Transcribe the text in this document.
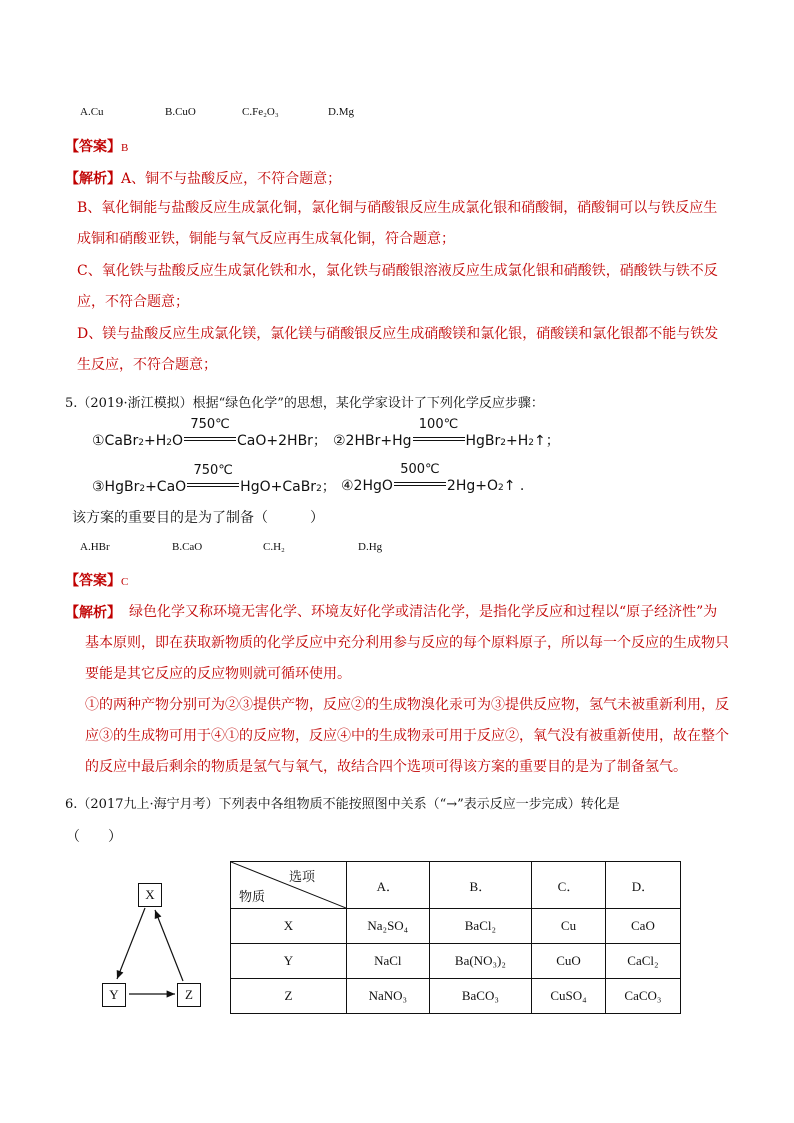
A.Cu	B.CuO	C.Fe₂O₃	D.Mg
【答案】B
【解析】A、铜不与盐酸反应，不符合题意；
B、氧化铜能与盐酸反应生成氯化铜，氯化铜与硝酸银反应生成氯化银和硝酸铜，硝酸铜可以与铁反应生成铜和硝酸亚铁，铜能与氧气反应再生成氧化铜，符合题意；
C、氧化铁与盐酸反应生成氯化铁和水，氯化铁与硝酸银溶液反应生成氯化银和硝酸铁，硝酸铁与铁不反应，不符合题意；
D、镁与盐酸反应生成氯化镁，氯化镁与硝酸银反应生成硝酸镁和氯化银，硝酸镁和氯化银都不能与铁发生反应，不符合题意；
5.（2019·浙江模拟）根据“绿色化学”的思想，某化学家设计了下列化学反应步骤：
①CaBr 2 +H 2 O
750℃
CaO+2HBr； ②2HBr+Hg
100℃
HgBr 2 +H 2 ↑；
③HgBr 2 +CaO
750℃
HgO+CaBr 2 ； ④2HgO
500℃
2Hg+O 2 ↑ .
该方案的重要目的是为了制备（　　　）
A.HBr	B.CaO	C.H₂	D.Hg
【答案】C
【解析】 绿色化学又称环境无害化学、环境友好化学或清洁化学，是指化学反应和过程以“原子经济性”为基本原则，即在获取新物质的化学反应中充分利用参与反应的每个原料原子，所以每一个反应的生成物只要能是其它反应的反应物则就可循环使用。
①的两种产物分别可为②③提供产物，反应②的生成物溴化汞可为③提供反应物，氢气未被重新利用，反应③的生成物可用于④①的反应物，反应④中的生成物汞可用于反应②，氧气没有被重新使用，故在整个的反应中最后剩余的物质是氢气与氧气，故结合四个选项可得该方案的重要目的是为了制备氢气。
6.（2017九上·海宁月考）下列表中各组物质不能按照图中关系（“→”表示反应一步完成）转化是
（　　）
X
Y	Z
选项
物质	A．	B．	C．	D．
X	Na₂SO₄	BaCl₂	Cu	CaO
Y	NaCl	Ba(NO₃)₂	CuO	CaCl₂
Z	NaNO₃	BaCO₃	CuSO₄	CaCO₃
